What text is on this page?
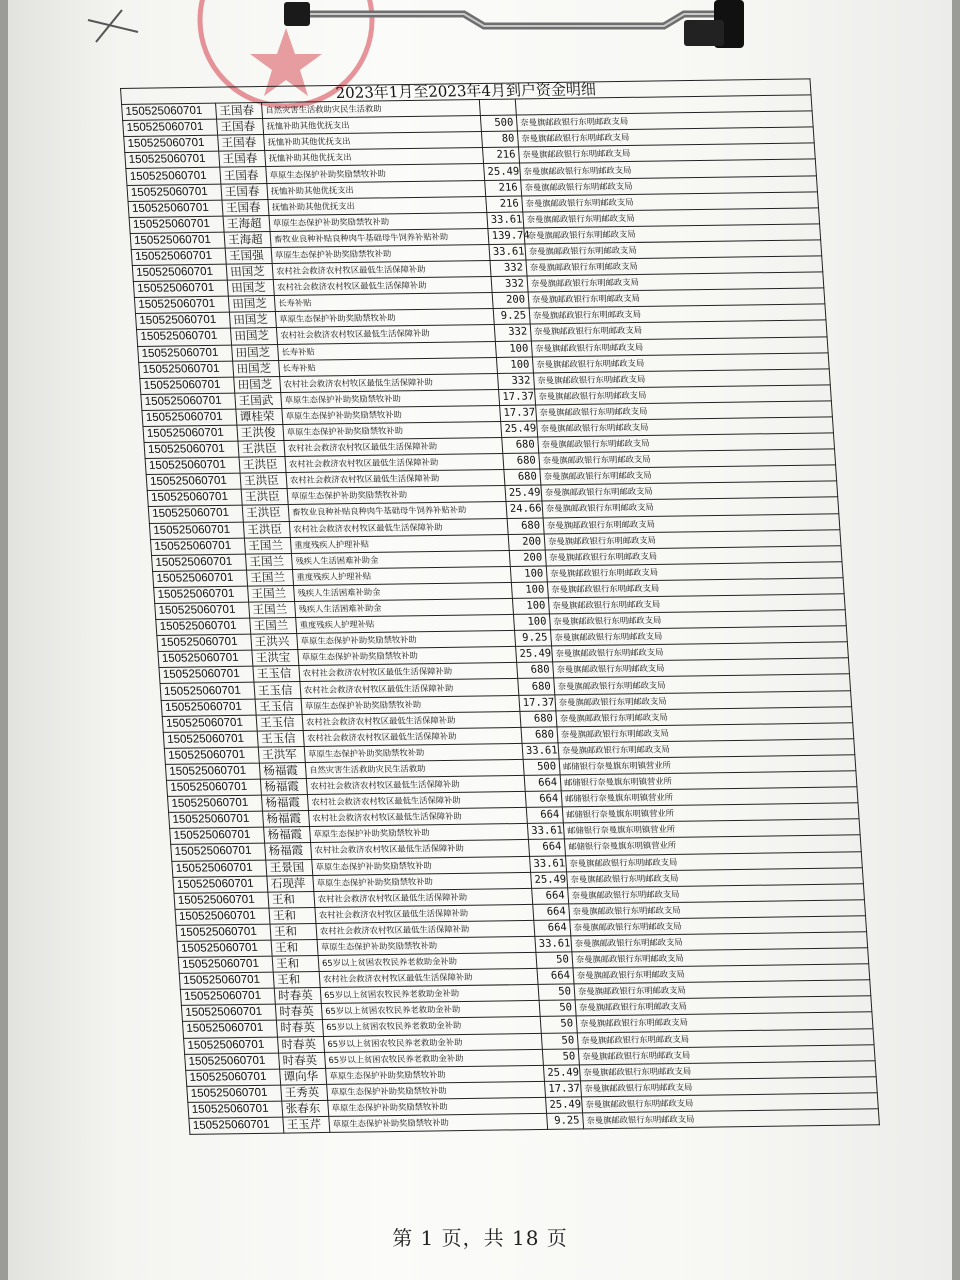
2023年1月至2023年4月到户资金明细				
150525060701	王国春	自然灾害生活救助灾民生活救助		
150525060701	王国春	抚恤补助其他优抚支出	500	奈曼旗邮政银行东明邮政支局
150525060701	王国春	抚恤补助其他优抚支出	80	奈曼旗邮政银行东明邮政支局
150525060701	王国春	抚恤补助其他优抚支出	216	奈曼旗邮政银行东明邮政支局
150525060701	王国春	草原生态保护补助奖励禁牧补助	25.49	奈曼旗邮政银行东明邮政支局
150525060701	王国春	抚恤补助其他优抚支出	216	奈曼旗邮政银行东明邮政支局
150525060701	王国春	抚恤补助其他优抚支出	216	奈曼旗邮政银行东明邮政支局
150525060701	王海超	草原生态保护补助奖励禁牧补助	33.61	奈曼旗邮政银行东明邮政支局
150525060701	王海超	畜牧业良种补贴良种肉牛基础母牛饲养补贴补助	139.74	奈曼旗邮政银行东明邮政支局
150525060701	王国强	草原生态保护补助奖励禁牧补助	33.61	奈曼旗邮政银行东明邮政支局
150525060701	田国芝	农村社会救济农村牧区最低生活保障补助	332	奈曼旗邮政银行东明邮政支局
150525060701	田国芝	农村社会救济农村牧区最低生活保障补助	332	奈曼旗邮政银行东明邮政支局
150525060701	田国芝	长寿补贴	200	奈曼旗邮政银行东明邮政支局
150525060701	田国芝	草原生态保护补助奖励禁牧补助	9.25	奈曼旗邮政银行东明邮政支局
150525060701	田国芝	农村社会救济农村牧区最低生活保障补助	332	奈曼旗邮政银行东明邮政支局
150525060701	田国芝	长寿补贴	100	奈曼旗邮政银行东明邮政支局
150525060701	田国芝	长寿补贴	100	奈曼旗邮政银行东明邮政支局
150525060701	田国芝	农村社会救济农村牧区最低生活保障补助	332	奈曼旗邮政银行东明邮政支局
150525060701	王国武	草原生态保护补助奖励禁牧补助	17.37	奈曼旗邮政银行东明邮政支局
150525060701	谭桂荣	草原生态保护补助奖励禁牧补助	17.37	奈曼旗邮政银行东明邮政支局
150525060701	王洪俊	草原生态保护补助奖励禁牧补助	25.49	奈曼旗邮政银行东明邮政支局
150525060701	王洪臣	农村社会救济农村牧区最低生活保障补助	680	奈曼旗邮政银行东明邮政支局
150525060701	王洪臣	农村社会救济农村牧区最低生活保障补助	680	奈曼旗邮政银行东明邮政支局
150525060701	王洪臣	农村社会救济农村牧区最低生活保障补助	680	奈曼旗邮政银行东明邮政支局
150525060701	王洪臣	草原生态保护补助奖励禁牧补助	25.49	奈曼旗邮政银行东明邮政支局
150525060701	王洪臣	畜牧业良种补贴良种肉牛基础母牛饲养补贴补助	24.66	奈曼旗邮政银行东明邮政支局
150525060701	王洪臣	农村社会救济农村牧区最低生活保障补助	680	奈曼旗邮政银行东明邮政支局
150525060701	王国兰	重度残疾人护理补贴	200	奈曼旗邮政银行东明邮政支局
150525060701	王国兰	残疾人生活困难补助金	200	奈曼旗邮政银行东明邮政支局
150525060701	王国兰	重度残疾人护理补贴	100	奈曼旗邮政银行东明邮政支局
150525060701	王国兰	残疾人生活困难补助金	100	奈曼旗邮政银行东明邮政支局
150525060701	王国兰	残疾人生活困难补助金	100	奈曼旗邮政银行东明邮政支局
150525060701	王国兰	重度残疾人护理补贴	100	奈曼旗邮政银行东明邮政支局
150525060701	王洪兴	草原生态保护补助奖励禁牧补助	9.25	奈曼旗邮政银行东明邮政支局
150525060701	王洪宝	草原生态保护补助奖励禁牧补助	25.49	奈曼旗邮政银行东明邮政支局
150525060701	王玉信	农村社会救济农村牧区最低生活保障补助	680	奈曼旗邮政银行东明邮政支局
150525060701	王玉信	农村社会救济农村牧区最低生活保障补助	680	奈曼旗邮政银行东明邮政支局
150525060701	王玉信	草原生态保护补助奖励禁牧补助	17.37	奈曼旗邮政银行东明邮政支局
150525060701	王玉信	农村社会救济农村牧区最低生活保障补助	680	奈曼旗邮政银行东明邮政支局
150525060701	王玉信	农村社会救济农村牧区最低生活保障补助	680	奈曼旗邮政银行东明邮政支局
150525060701	王洪军	草原生态保护补助奖励禁牧补助	33.61	奈曼旗邮政银行东明邮政支局
150525060701	杨福霞	自然灾害生活救助灾民生活救助	500	邮储银行奈曼旗东明镇营业所
150525060701	杨福霞	农村社会救济农村牧区最低生活保障补助	664	邮储银行奈曼旗东明镇营业所
150525060701	杨福霞	农村社会救济农村牧区最低生活保障补助	664	邮储银行奈曼旗东明镇营业所
150525060701	杨福霞	农村社会救济农村牧区最低生活保障补助	664	邮储银行奈曼旗东明镇营业所
150525060701	杨福霞	草原生态保护补助奖励禁牧补助	33.61	邮储银行奈曼旗东明镇营业所
150525060701	杨福霞	农村社会救济农村牧区最低生活保障补助	664	邮储银行奈曼旗东明镇营业所
150525060701	王景国	草原生态保护补助奖励禁牧补助	33.61	奈曼旗邮政银行东明邮政支局
150525060701	石现萍	草原生态保护补助奖励禁牧补助	25.49	奈曼旗邮政银行东明邮政支局
150525060701	王和	农村社会救济农村牧区最低生活保障补助	664	奈曼旗邮政银行东明邮政支局
150525060701	王和	农村社会救济农村牧区最低生活保障补助	664	奈曼旗邮政银行东明邮政支局
150525060701	王和	农村社会救济农村牧区最低生活保障补助	664	奈曼旗邮政银行东明邮政支局
150525060701	王和	草原生态保护补助奖励禁牧补助	33.61	奈曼旗邮政银行东明邮政支局
150525060701	王和	65岁以上贫困农牧民养老救助金补助	50	奈曼旗邮政银行东明邮政支局
150525060701	王和	农村社会救济农村牧区最低生活保障补助	664	奈曼旗邮政银行东明邮政支局
150525060701	时春英	65岁以上贫困农牧民养老救助金补助	50	奈曼旗邮政银行东明邮政支局
150525060701	时春英	65岁以上贫困农牧民养老救助金补助	50	奈曼旗邮政银行东明邮政支局
150525060701	时春英	65岁以上贫困农牧民养老救助金补助	50	奈曼旗邮政银行东明邮政支局
150525060701	时春英	65岁以上贫困农牧民养老救助金补助	50	奈曼旗邮政银行东明邮政支局
150525060701	时春英	65岁以上贫困农牧民养老救助金补助	50	奈曼旗邮政银行东明邮政支局
150525060701	谭向华	草原生态保护补助奖励禁牧补助	25.49	奈曼旗邮政银行东明邮政支局
150525060701	王秀英	草原生态保护补助奖励禁牧补助	17.37	奈曼旗邮政银行东明邮政支局
150525060701	张春东	草原生态保护补助奖励禁牧补助	25.49	奈曼旗邮政银行东明邮政支局
150525060701	王玉芹	草原生态保护补助奖励禁牧补助	9.25	奈曼旗邮政银行东明邮政支局
第 1 页，共 18 页
